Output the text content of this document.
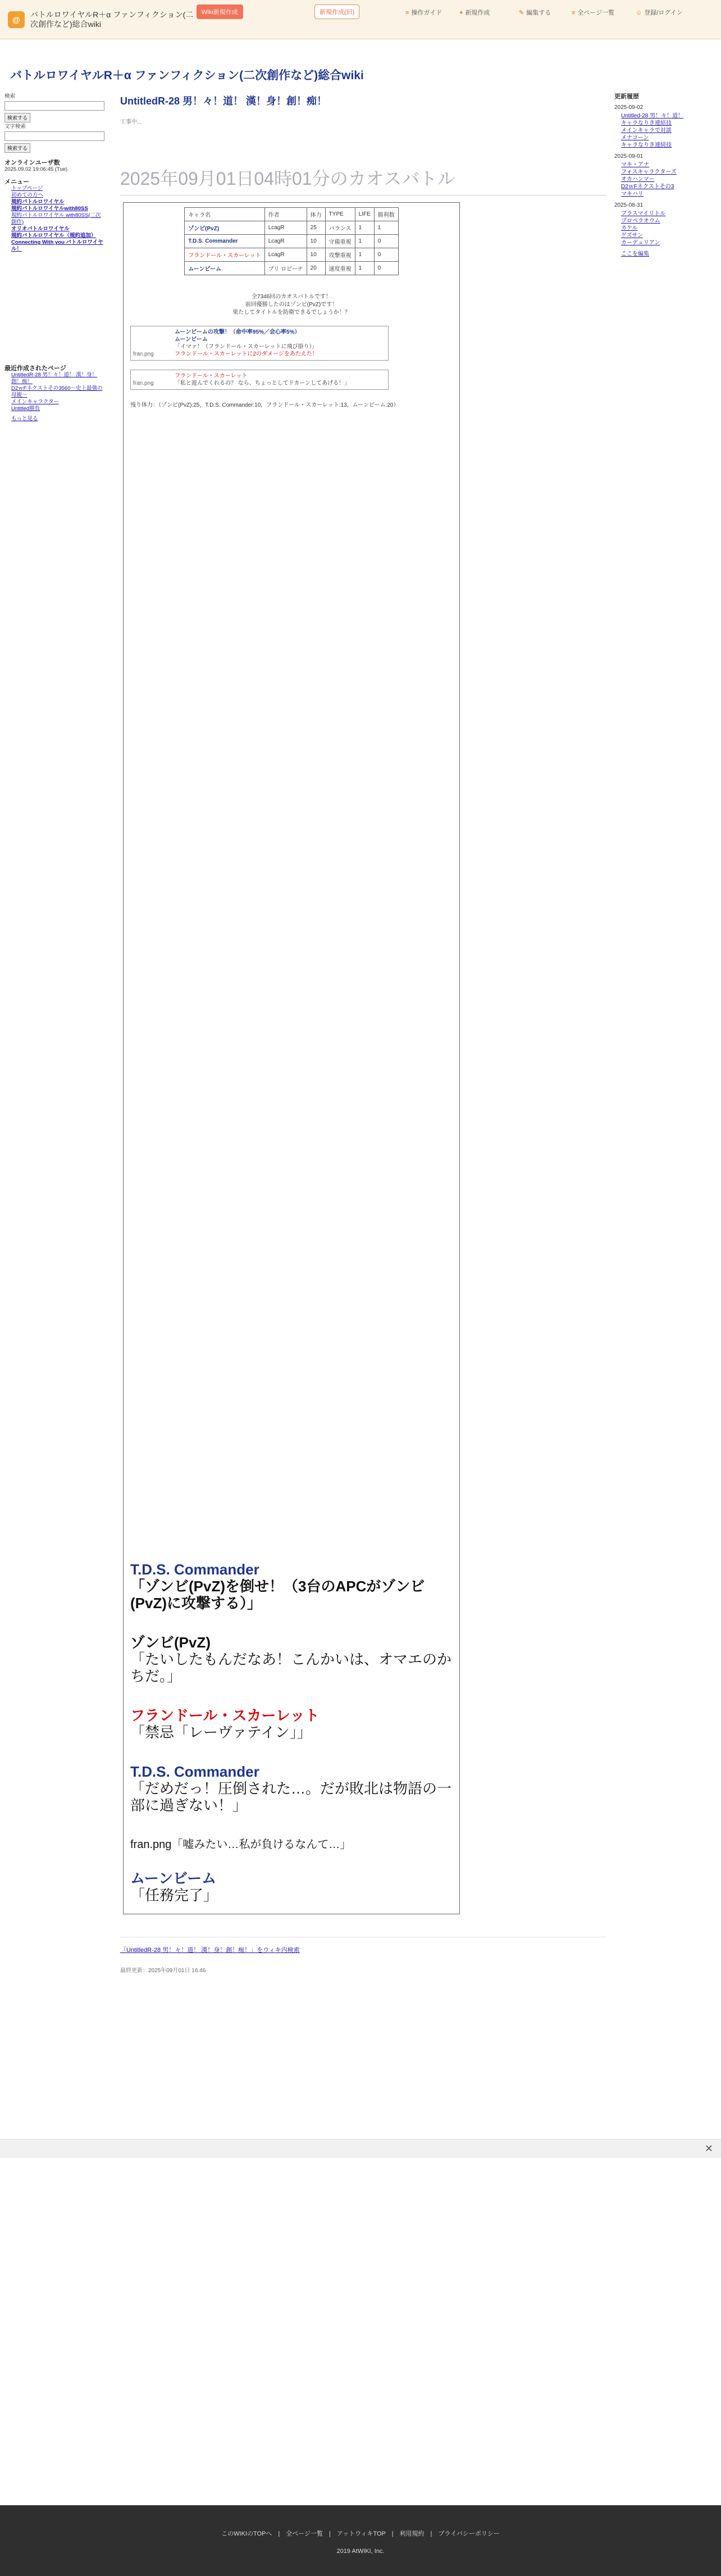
@
バトルロワイヤルR＋α ファンフィクション(二次創作など)総合wiki
Wiki新規作成	新規作成(旧)	≡ 操作ガイド	+ 新規作成	✎ 編集する	≡ 全ページ一覧	☺ 登録/ログイン
バトルロワイヤルR＋α ファンフィクション(二次創作など)総合wiki
検索
検索する
文字検索
検索する
オンラインユーザ数
2025.09.02 19:06:45 (Tue)
メニュー
トップページ
初めての方へ
規約バトルロワイヤル
規約バトルロワイヤルwith80SS
規約バトルロワイヤル with80SS(二次創作)
オリオバトルロワイヤル
規約バトルロワイヤル（規約追加）
Connecting With you バトルロワイヤル！
最近作成されたページ
UntitledR-28 男！々！道！ 漢！身！創！痴！
D2ｗFネクストその3560〜史上最強の母親〜
メインキャラクター
Untitled勝負
もっと見る
更新履歴
2025-09-02
Untitled-28 男！々！道！
キャラなりき連結技
メインキャラで対談
メナコーン
キャラなりき連続技
2025-09-01
マキ・アナ
フォスキャラクターズ
オカハンマー
D2ｗFネクストその3
マキハリ
2025-08-31
ブラスマイリトル
プロペラオウム
カケル
ゲズサン
カーデュリアン
ここを編集
UntitledR-28 男！々！道！ 漢！身！創！痴！
工事中...
2025年09月01日04時01分のカオスバトル
キャラ名	作者	体力	TYPE	LIFE	勝利数
ゾンビ(PvZ)	LcagR	25	パランス	1	1
T.D.S. Commander	LcagR	10	守備重視	1	0
フランドール・スカーレット	LcagR	10	攻撃重視	1	0
ムーンビーム	プリ ロビーナ	20	速度重視	1	0
全7346回のカオスバトルです！
前回優勝したのはゾンビ(PvZ)です！
果たしてタイトルを防衛できるでしょうか！？
fran.png
ムーンビームの攻撃！（命中率95%／会心率5%）
ムーンビーム
「イマァ！（フランドール・スカーレットに飛び掛り）」
フランドール・スカーレットに2のダメージをあたえた！
fran.png
フランドール・スカーレット
「私と遊んでくれるの？ なら、ちょっとしてドカーンしてあげる！」
残り体力：（ゾンビ(PvZ):25，T.D.S. Commander:10，フランドール・スカーレット:13，ムーンビーム:20）
T.D.S. Commander
「ゾンビ(PvZ)を倒せ！（3台のAPCがゾンビ(PvZ)に攻撃する）」
ゾンビ(PvZ)
「たいしたもんだなあ！こんかいは、オマエのかちだ。」
フランドール・スカーレット
「禁忌「レーヴァテイン」」
T.D.S. Commander
「だめだっ！圧倒された…。だが敗北は物語の一部に過ぎない！」
fran.png「嘘みたい…私が負けるなんて…」
ムーンビーム
「任務完了」
「UntitledR-28 男！々！道！ 漢！身！創！痴！」をウィキ内検索
最終更新：2025年09月01日 16:46
✕
このWIKIのTOPへ　|　全ページ一覧　|　アットウィキTOP　|　利用規約　|　プライバシーポリシー
2019 AtWIKI, Inc.
